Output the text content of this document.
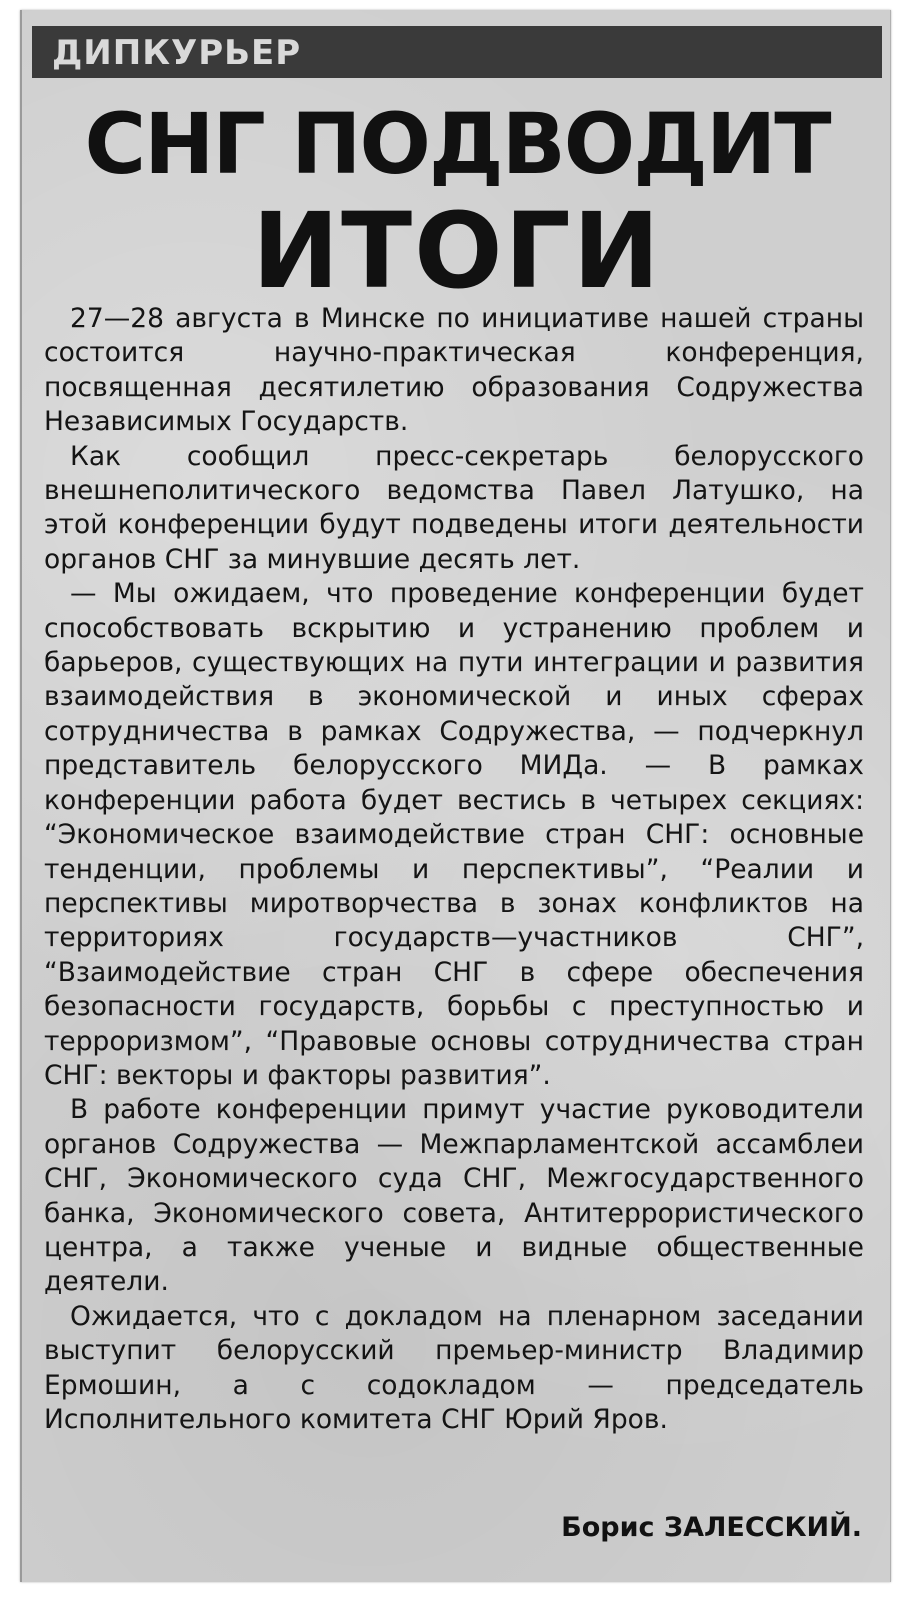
ДИПКУРЬЕР
СНГ ПОДВОДИТ
ИТОГИ

27—28 августа в Минске по инициативе нашей страны состоится научно-практическая конференция, посвященная десятилетию образования Содружества Независимых Государств.

Как сообщил пресс-секретарь белорусского внешнеполитического ведомства Павел Латушко, на этой конференции будут подведены итоги деятельности органов СНГ за минувшие десять лет.

— Мы ожидаем, что проведение конференции будет способствовать вскрытию и устранению проблем и барьеров, существующих на пути интеграции и развития взаимодействия в экономической и иных сферах сотрудничества в рамках Содружества, — подчеркнул представитель белорусского МИДа. — В рамках конференции работа будет вестись в четырех секциях: “Экономическое взаимодействие стран СНГ: основные тенденции, проблемы и перспективы”, “Реалии и перспективы миротворчества в зонах конфликтов на территориях государств—участников СНГ”, “Взаимодействие стран СНГ в сфере обеспечения безопасности государств, борьбы с преступностью и терроризмом”, “Правовые основы сотрудничества стран СНГ: векторы и факторы развития”.

В работе конференции примут участие руководители органов Содружества — Межпарламентской ассамблеи СНГ, Экономического суда СНГ, Межгосударственного банка, Экономического совета, Антитеррористического центра, а также ученые и видные общественные деятели.

Ожидается, что с докладом на пленарном заседании выступит белорусский премьер-министр Владимир Ермошин, а с содокладом — председатель Исполнительного комитета СНГ Юрий Яров.

Борис ЗАЛЕССКИЙ.
